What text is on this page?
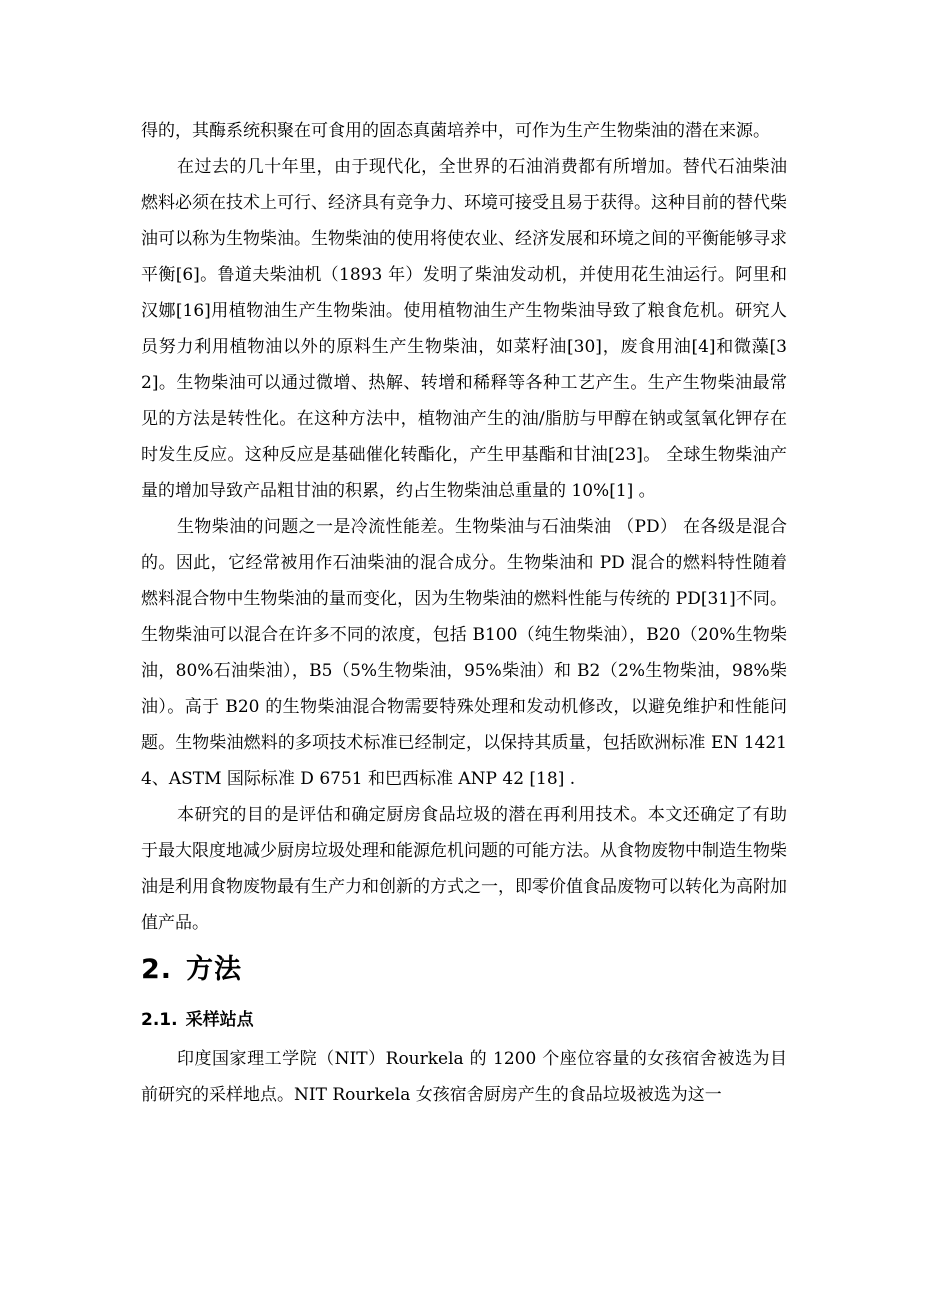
得的，其酶系统积聚在可食用的固态真菌培养中，可作为生产生物柴油的潜在来源。

在过去的几十年里，由于现代化，全世界的石油消费都有所增加。替代石油柴油燃料必须在技术上可行、经济具有竞争力、环境可接受且易于获得。这种目前的替代柴油可以称为生物柴油。生物柴油的使用将使农业、经济发展和环境之间的平衡能够寻求平衡[6]。鲁道夫柴油机（1893 年）发明了柴油发动机，并使用花生油运行。阿里和汉娜[16]用植物油生产生物柴油。使用植物油生产生物柴油导致了粮食危机。研究人员努力利用植物油以外的原料生产生物柴油，如菜籽油[30]，废食用油[4]和微藻[32]。生物柴油可以通过微增、热解、转增和稀释等各种工艺产生。生产生物柴油最常见的方法是转性化。在这种方法中，植物油产生的油/脂肪与甲醇在钠或氢氧化钾存在时发生反应。这种反应是基础催化转酯化，产生甲基酯和甘油[23]。 全球生物柴油产量的增加导致产品粗甘油的积累，约占生物柴油总重量的 10%[1] 。

生物柴油的问题之一是冷流性能差。生物柴油与石油柴油 （PD） 在各级是混合的。因此，它经常被用作石油柴油的混合成分。生物柴油和 PD 混合的燃料特性随着燃料混合物中生物柴油的量而变化，因为生物柴油的燃料性能与传统的 PD[31]不同。生物柴油可以混合在许多不同的浓度，包括 B100（纯生物柴油），B20（20%生物柴油，80%石油柴油），B5（5%生物柴油，95%柴油）和 B2（2%生物柴油，98%柴油）。高于 B20 的生物柴油混合物需要特殊处理和发动机修改，以避免维护和性能问题。生物柴油燃料的多项技术标准已经制定，以保持其质量，包括欧洲标准 EN 14214、ASTM 国际标准 D 6751 和巴西标准 ANP 42 [18] .

本研究的目的是评估和确定厨房食品垃圾的潜在再利用技术。本文还确定了有助于最大限度地减少厨房垃圾处理和能源危机问题的可能方法。从食物废物中制造生物柴油是利用食物废物最有生产力和创新的方式之一，即零价值食品废物可以转化为高附加值产品。

2. 方法
2.1. 采样站点

印度国家理工学院（NIT）Rourkela 的 1200 个座位容量的女孩宿舍被选为目前研究的采样地点。NIT Rourkela 女孩宿舍厨房产生的食品垃圾被选为这一
